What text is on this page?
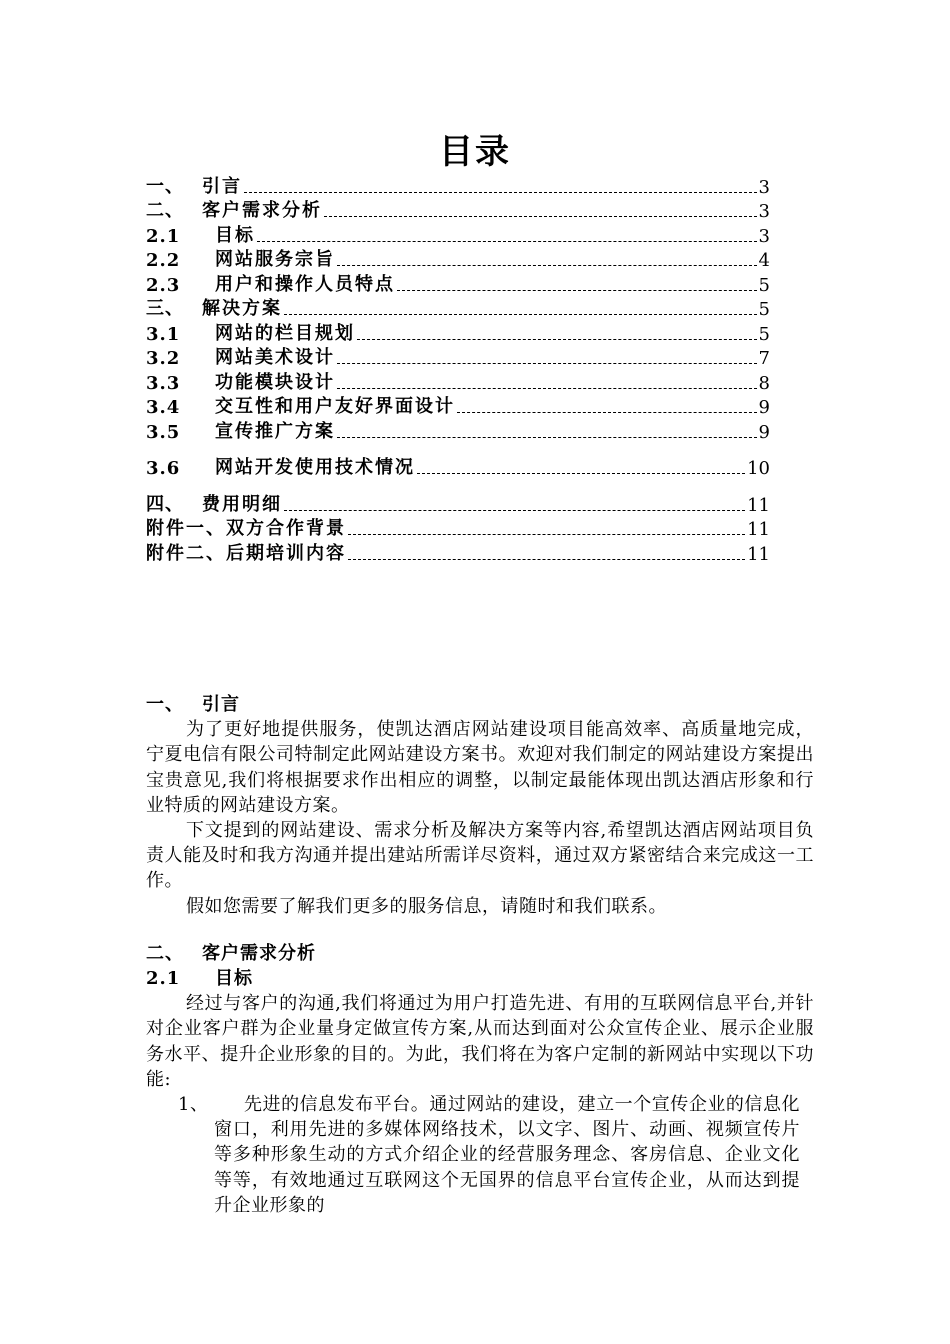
目录
一、	引言	3
二、	客户需求分析	3
2.1	目标	3
2.2	网站服务宗旨	4
2.3	用户和操作人员特点	5
三、	解决方案	5
3.1	网站的栏目规划	5
3.2	网站美术设计	7
3.3	功能模块设计	8
3.4	交互性和用户友好界面设计	9
3.5	宣传推广方案	9
3.6	网站开发使用技术情况	10
四、	费用明细	11
附件一、双方合作背景	11
附件二、后期培训内容	11
一、 引言

为了更好地提供服务，使凯达酒店网站建设项目能高效率、高质量地完成，宁夏电信有限公司特制定此网站建设方案书。欢迎对我们制定的网站建设方案提出宝贵意见,我们将根据要求作出相应的调整，以制定最能体现出凯达酒店形象和行业特质的网站建设方案。

下文提到的网站建设、需求分析及解决方案等内容,希望凯达酒店网站项目负责人能及时和我方沟通并提出建站所需详尽资料，通过双方紧密结合来完成这一工作。

假如您需要了解我们更多的服务信息，请随时和我们联系。

二、 客户需求分析
2.1 目标

经过与客户的沟通,我们将通过为用户打造先进、有用的互联网信息平台,并针对企业客户群为企业量身定做宣传方案,从而达到面对公众宣传企业、展示企业服务水平、提升企业形象的目的。为此，我们将在为客户定制的新网站中实现以下功能:

1、	先进的信息发布平台。通过网站的建设，建立一个宣传企业的信息化窗口，利用先进的多媒体网络技术，以文字、图片、动画、视频宣传片等多种形象生动的方式介绍企业的经营服务理念、客房信息、企业文化等等，有效地通过互联网这个无国界的信息平台宣传企业，从而达到提升企业形象的
